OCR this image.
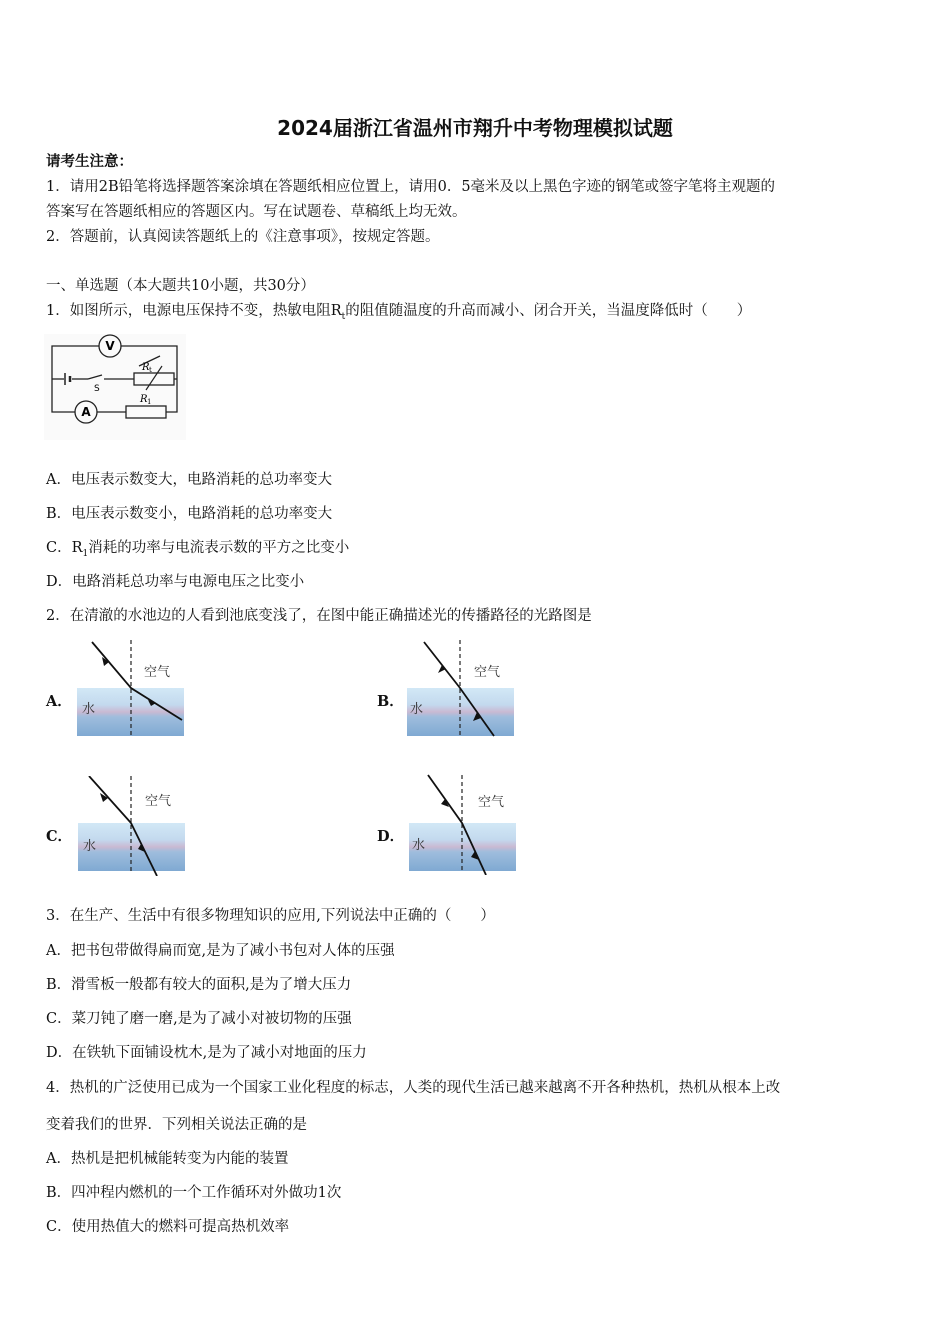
2024届浙江省温州市翔升中考物理模拟试题
请考生注意：
1．请用2B铅笔将选择题答案涂填在答题纸相应位置上，请用0．5毫米及以上黑色字迹的钢笔或签字笔将主观题的
答案写在答题纸相应的答题区内。写在试题卷、草稿纸上均无效。
2．答题前，认真阅读答题纸上的《注意事项》，按规定答题。
一、单选题（本大题共10小题，共30分）
1．如图所示，电源电压保持不变，热敏电阻$R_t$的阻值随温度的升高而减小、闭合开关，当温度降低时（　　）
V
A
S
R t
R 1
A．电压表示数变大，电路消耗的总功率变大
B．电压表示数变小，电路消耗的总功率变大
C．$R_1$消耗的功率与电流表示数的平方之比变小
D．电路消耗总功率与电源电压之比变小
2．在清澈的水池边的人看到池底变浅了，在图中能正确描述光的传播路径的光路图是
A．
空气
水	B．
空气
水
C．
空气
水
D．
空气
水
3．在生产、生活中有很多物理知识的应用,下列说法中正确的（　　）
A．把书包带做得扁而宽,是为了减小书包对人体的压强
B．滑雪板一般都有较大的面积,是为了增大压力
C．菜刀钝了磨一磨,是为了减小对被切物的压强
D．在铁轨下面铺设枕木,是为了减小对地面的压力
4．热机的广泛使用已成为一个国家工业化程度的标志，人类的现代生活已越来越离不开各种热机，热机从根本上改
变着我们的世界．下列相关说法正确的是
A．热机是把机械能转变为内能的装置
B．四冲程内燃机的一个工作循环对外做功1次
C．使用热值大的燃料可提高热机效率
